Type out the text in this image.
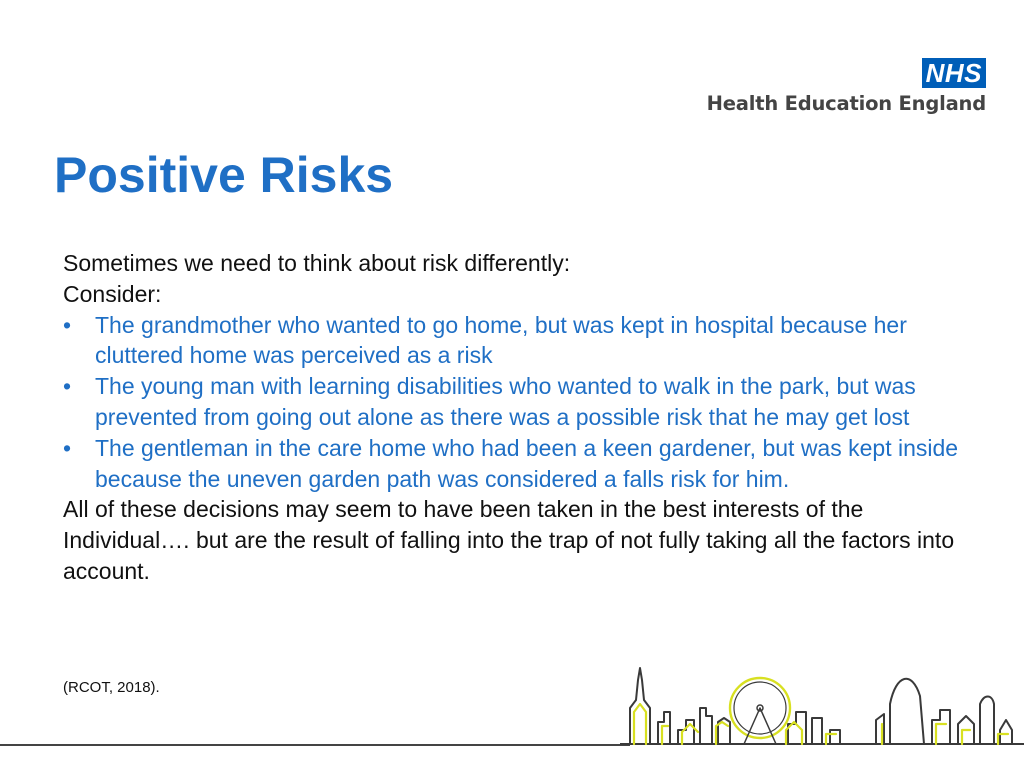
NHS
Health Education England
Positive Risks

Sometimes we need to think about risk differently:

Consider:

• The grandmother who wanted to go home, but was kept in hospital because her cluttered home was perceived as a risk
• The young man with learning disabilities who wanted to walk in the park, but was prevented from going out alone as there was a possible risk that he may get lost
• The gentleman in the care home who had been a keen gardener, but was kept inside because the uneven garden path was considered a falls risk for him.

All of these decisions may seem to have been taken in the best interests of the Individual…. but are the result of falling into the trap of not fully taking all the factors into account.

(RCOT, 2018).
